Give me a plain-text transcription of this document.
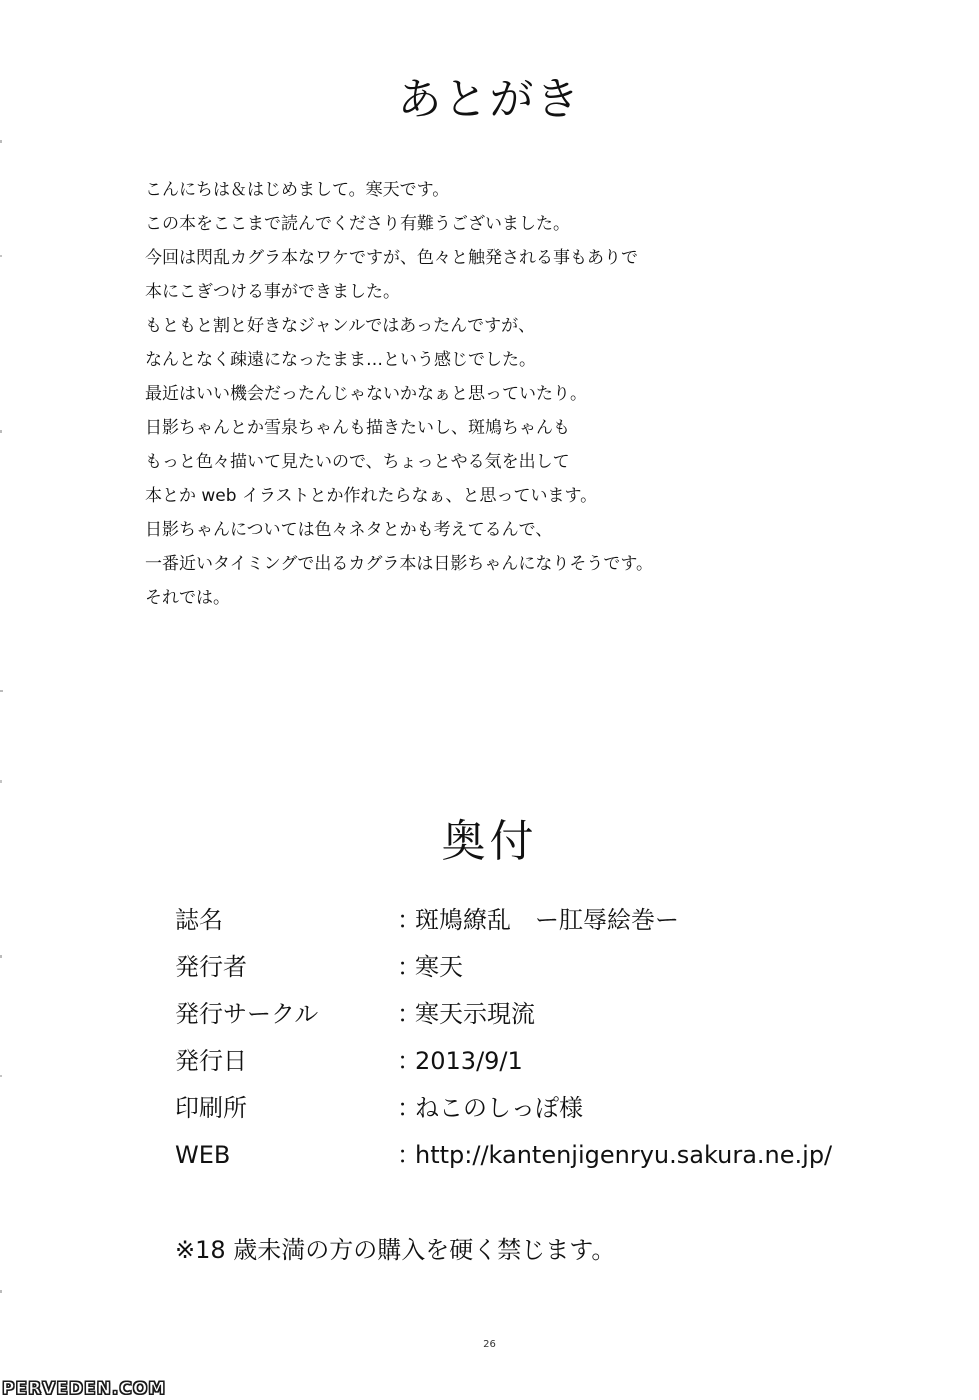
あとがき
こんにちは＆はじめまして。寒天です。
この本をここまで読んでくださり有難うございました。
今回は閃乱カグラ本なワケですが、色々と触発される事もありで
本にこぎつける事ができました。
もともと割と好きなジャンルではあったんですが、
なんとなく疎遠になったまま…という感じでした。
最近はいい機会だったんじゃないかなぁと思っていたり。
日影ちゃんとか雪泉ちゃんも描きたいし、斑鳩ちゃんも
もっと色々描いて見たいので、ちょっとやる気を出して
本とか web イラストとか作れたらなぁ、と思っています。
日影ちゃんについては色々ネタとかも考えてるんで、
一番近いタイミングで出るカグラ本は日影ちゃんになりそうです。
それでは。
奥付
誌名	：
斑鳩繚乱　ー肛辱絵巻ー
発行者	：
寒天
発行サークル	：
寒天示現流
発行日	：
2013/9/1
印刷所	：
ねこのしっぽ様
WEB	：
http://kantenjigenryu.sakura.ne.jp/
※18 歳未満の方の購入を硬く禁じます。
26
PERVEDEN.COM
